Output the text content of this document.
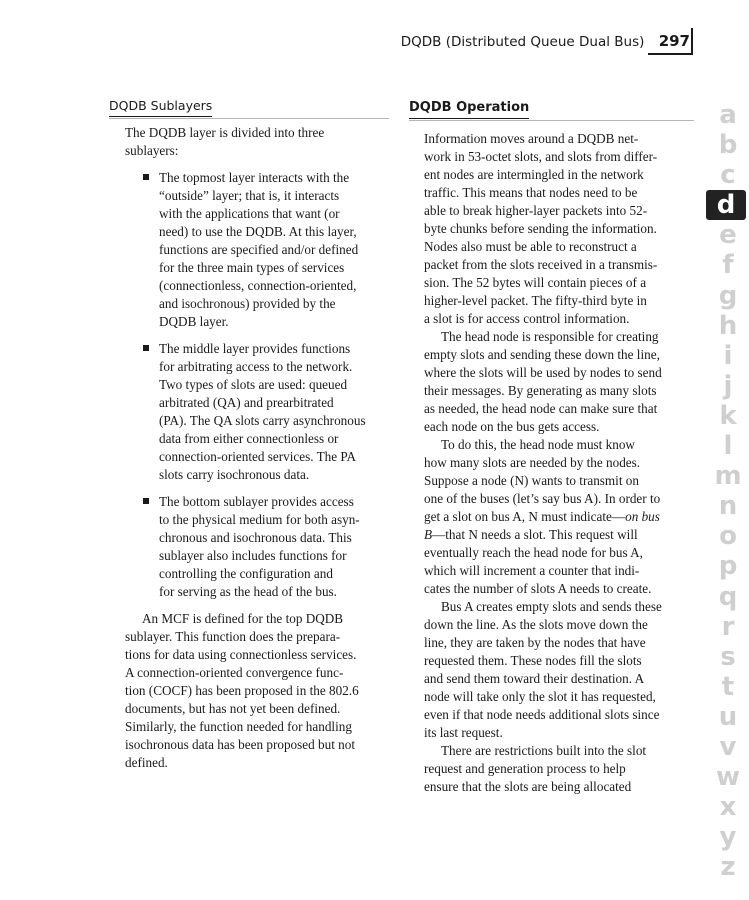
DQDB (Distributed Queue Dual Bus) 297
DQDB Sublayers	DQDB Operation
The DQDB layer is divided into three
sublayers:
The topmost layer interacts with the
“outside” layer; that is, it interacts
with the applications that want (or
need) to use the DQDB. At this layer,
functions are specified and/or defined
for the three main types of services
(connectionless, connection-oriented,
and isochronous) provided by the
DQDB layer.
The middle layer provides functions
for arbitrating access to the network.
Two types of slots are used: queued
arbitrated (QA) and prearbitrated
(PA). The QA slots carry asynchronous
data from either connectionless or
connection-oriented services. The PA
slots carry isochronous data.
The bottom sublayer provides access
to the physical medium for both asyn-
chronous and isochronous data. This
sublayer also includes functions for
controlling the configuration and
for serving as the head of the bus.
An MCF is defined for the top DQDB
sublayer. This function does the prepara-
tions for data using connectionless services.
A connection-oriented convergence func-
tion (COCF) has been proposed in the 802.6
documents, but has not yet been defined.
Similarly, the function needed for handling
isochronous data has been proposed but not
defined.
Information moves around a DQDB net-
work in 53-octet slots, and slots from differ-
ent nodes are intermingled in the network
traffic. This means that nodes need to be
able to break higher-layer packets into 52-
byte chunks before sending the information.
Nodes also must be able to reconstruct a
packet from the slots received in a transmis-
sion. The 52 bytes will contain pieces of a
higher-level packet. The fifty-third byte in
a slot is for access control information.
The head node is responsible for creating
empty slots and sending these down the line,
where the slots will be used by nodes to send
their messages. By generating as many slots
as needed, the head node can make sure that
each node on the bus gets access.
To do this, the head node must know
how many slots are needed by the nodes.
Suppose a node (N) wants to transmit on
one of the buses (let’s say bus A). In order to
get a slot on bus A, N must indicate—on bus
B—that N needs a slot. This request will
eventually reach the head node for bus A,
which will increment a counter that indi-
cates the number of slots A needs to create.
Bus A creates empty slots and sends these
down the line. As the slots move down the
line, they are taken by the nodes that have
requested them. These nodes fill the slots
and send them toward their destination. A
node will take only the slot it has requested,
even if that node needs additional slots since
its last request.
There are restrictions built into the slot
request and generation process to help
ensure that the slots are being allocated
a
b
c
d
e
f
g
h
i
j
k
l
m
n
o
p
q
r
s
t
u
v
w
x
y
z
